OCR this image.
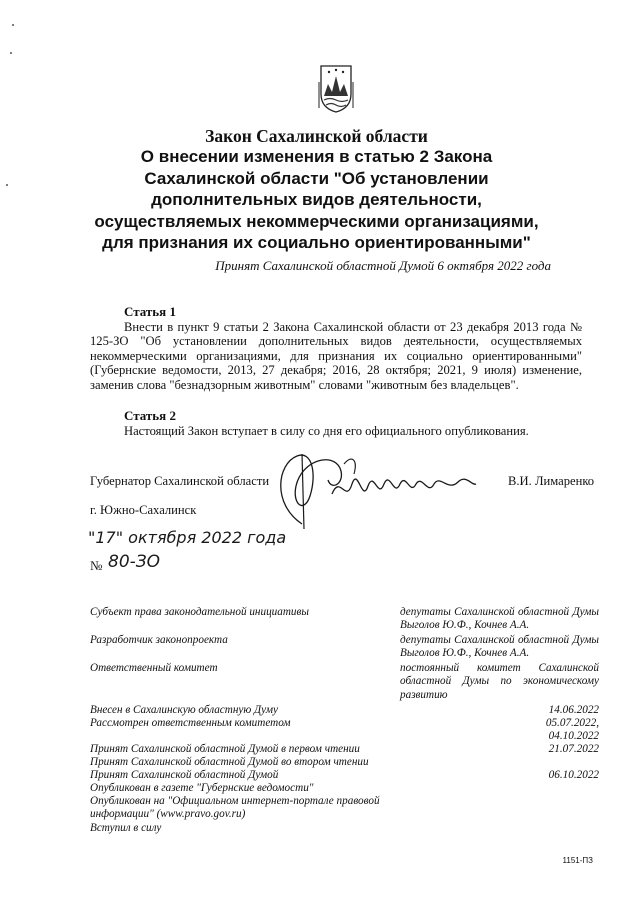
Закон Сахалинской области
О внесении изменения в статью 2 Закона
Сахалинской области "Об установлении
дополнительных видов деятельности,
осуществляемых некоммерческими организациями,
для признания их социально ориентированными"
Принят Сахалинской областной Думой 6 октября 2022 года
Статья 1
Внести в пункт 9 статьи 2 Закона Сахалинской области от 23 декабря 2013 года № 125-ЗО "Об установлении дополнительных видов деятельности, осуществляемых некоммерческими организациями, для признания их социально ориентированными" (Губернские ведомости, 2013, 27 декабря; 2016, 28 октября; 2021, 9 июля) изменение, заменив слова "безнадзорным животным" словами "животным без владельцев".
Статья 2
Настоящий Закон вступает в силу со дня его официального опубликования.
Губернатор Сахалинской области	В.И. Лимаренко
г. Южно-Сахалинск
"17" октября 2022 года
№ 80-ЗО
Субъект права законодательной инициативы	депутаты Сахалинской областной Думы Выголов Ю.Ф., Кочнев А.А.
Разработчик законопроекта	депутаты Сахалинской областной Думы Выголов Ю.Ф., Кочнев А.А.
Ответственный комитет	постоянный комитет Сахалинской областной Думы по экономическому развитию
Внесен в Сахалинскую областную Думу	14.06.2022
Рассмотрен ответственным комитетом	05.07.2022,
04.10.2022
Принят Сахалинской областной Думой в первом чтении	21.07.2022
Принят Сахалинской областной Думой во втором чтении
Принят Сахалинской областной Думой	06.10.2022
Опубликован в газете "Губернские ведомости"
Опубликован на "Официальном интернет-портале правовой
информации" (www.pravo.gov.ru)
Вступил в силу
1151-ПЗ
